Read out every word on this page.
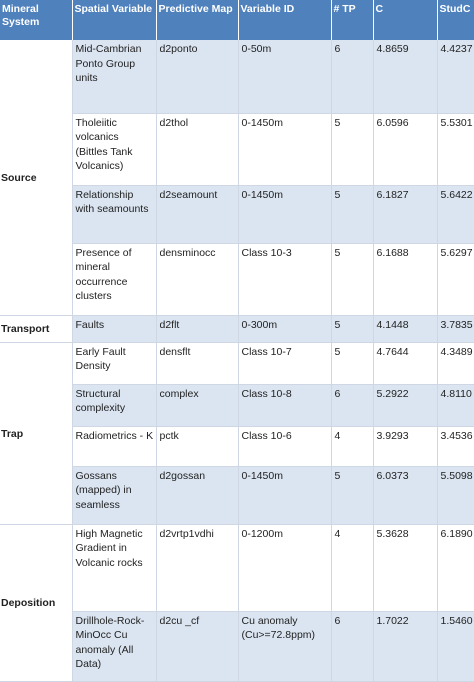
Mineral System	Spatial Variable	Predictive Map	Variable ID	# TP	C	StudC
Source	Mid-Cambrian Ponto Group units	d2ponto	0-50m	6	4.8659	4.4237
	Tholeiitic volcanics (Bittles Tank Volcanics)	d2thol	0-1450m	5	6.0596	5.5301
	Relationship with seamounts	d2seamount	0-1450m	5	6.1827	5.6422
	Presence of mineral occurrence clusters	densminocc	Class 10-3	5	6.1688	5.6297
Transport	Faults	d2flt	0-300m	5	4.1448	3.7835
Trap	Early Fault Density	densflt	Class 10-7	5	4.7644	4.3489
	Structural complexity	complex	Class 10-8	6	5.2922	4.8110
	Radiometrics - K	pctk	Class 10-6	4	3.9293	3.4536
	Gossans (mapped) in seamless	d2gossan	0-1450m	5	6.0373	5.5098
Deposition	High Magnetic Gradient in Volcanic rocks	d2vrtp1vdhi	0-1200m	4	5.3628	6.1890
	Drillhole-Rock-MinOcc Cu anomaly (All Data)	d2cu _cf	Cu anomaly (Cu>=72.8ppm)	6	1.7022	1.5460
